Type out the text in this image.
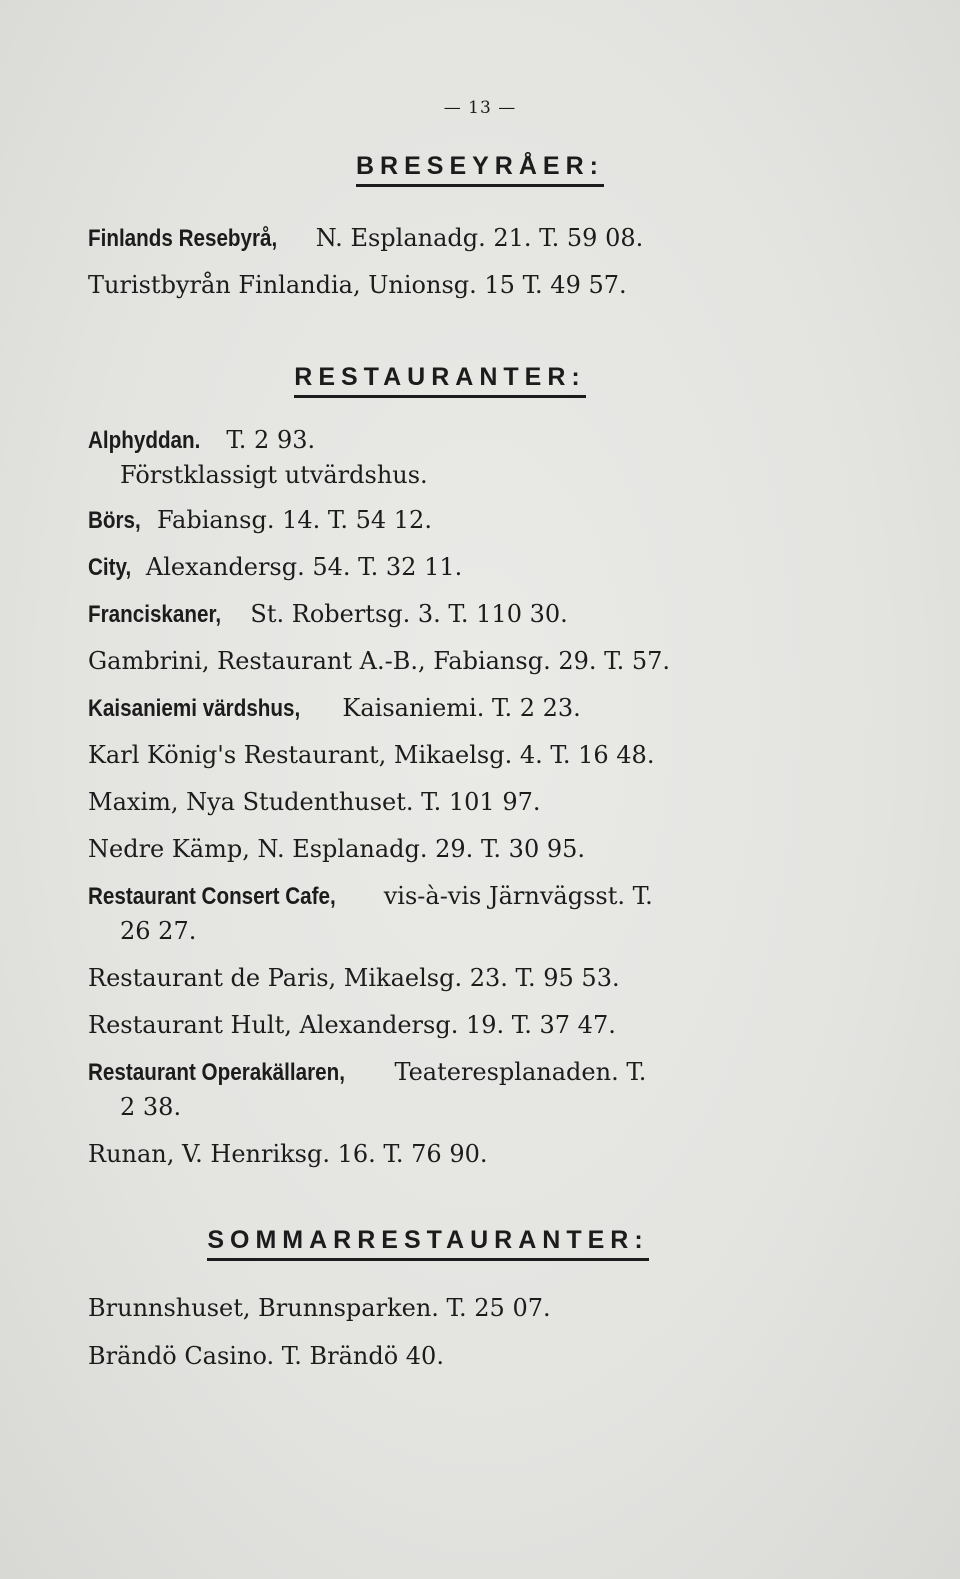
— 13 —
BRESEYRÅER:
Finlands Resebyrå, N. Esplanadg. 21. T. 59 08.
Turistbyrån Finlandia, Unionsg. 15 T. 49 57.
RESTAURANTER:
Alphyddan. T. 2 93.
Förstklassigt utvärdshus.
Börs, Fabiansg. 14. T. 54 12.
City, Alexandersg. 54. T. 32 11.
Franciskaner, St. Robertsg. 3. T. 110 30.
Gambrini, Restaurant A.-B., Fabiansg. 29. T. 57.
Kaisaniemi värdshus, Kaisaniemi. T. 2 23.
Karl König's Restaurant, Mikaelsg. 4. T. 16 48.
Maxim, Nya Studenthuset. T. 101 97.
Nedre Kämp, N. Esplanadg. 29. T. 30 95.
Restaurant Consert Cafe, vis-à-vis Järnvägsst. T.
26 27.
Restaurant de Paris, Mikaelsg. 23. T. 95 53.
Restaurant Hult, Alexandersg. 19. T. 37 47.
Restaurant Operakällaren, Teateresplanaden. T.
2 38.
Runan, V. Henriksg. 16. T. 76 90.
SOMMARRESTAURANTER:
Brunnshuset, Brunnsparken. T. 25 07.
Brändö Casino. T. Brändö 40.
